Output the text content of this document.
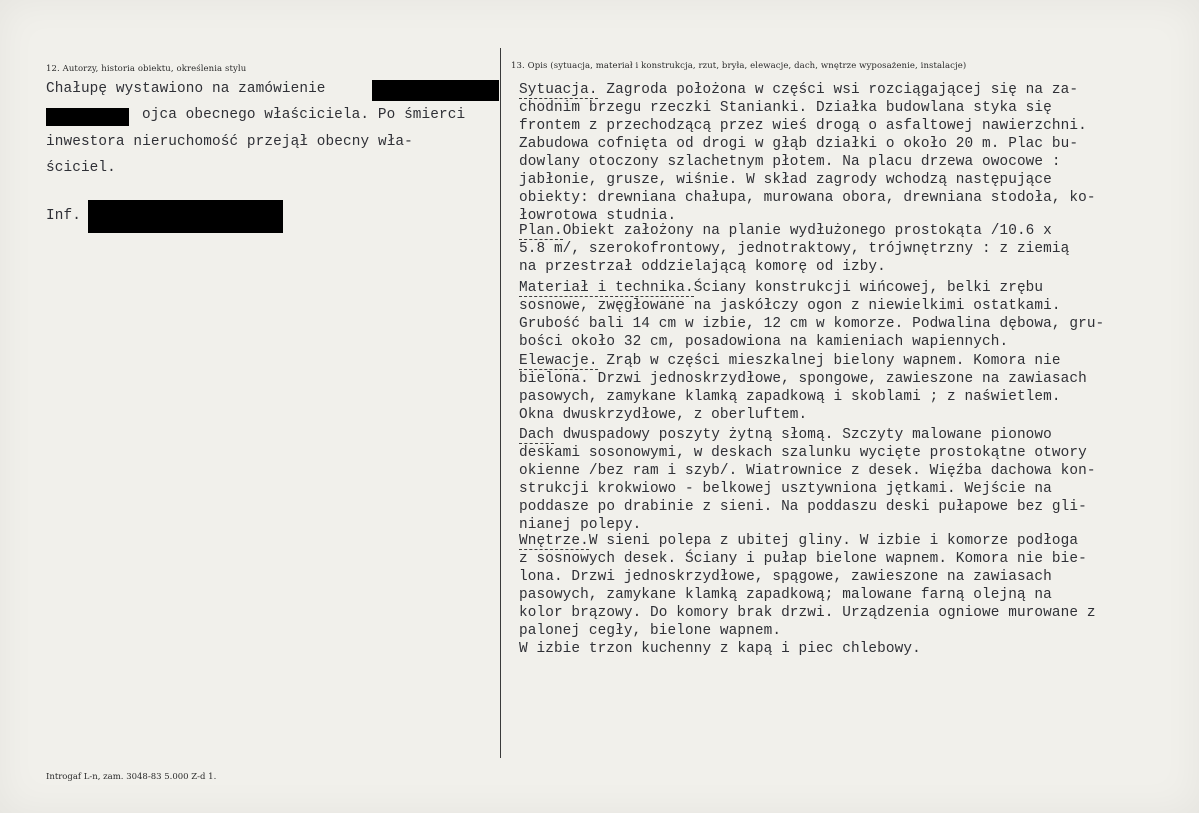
12. Autorzy, historia obiektu, określenia stylu	13. Opis (sytuacja, materiał i konstrukcja, rzut, bryła, elewacje, dach, wnętrze wyposażenie, instalacje)
Chałupę wystawiono na zamówienie
ojca obecnego właściciela. Po śmierci
inwestora nieruchomość przejął obecny wła-
ściciel.
Inf.
Sytuacja. Zagroda położona w części wsi rozciągającej się na za-
chodnim brzegu rzeczki Stanianki. Działka budowlana styka się
frontem z przechodzącą przez wieś drogą o asfaltowej nawierzchni.
Zabudowa cofnięta od drogi w głąb działki o około 20 m. Plac bu-
dowlany otoczony szlachetnym płotem. Na placu drzewa owocowe :
jabłonie, grusze, wiśnie. W skład zagrody wchodzą następujące
obiekty: drewniana chałupa, murowana obora, drewniana stodoła, ko-
łowrotowa studnia.
Plan.Obiekt założony na planie wydłużonego prostokąta /10.6 x
5.8 m/, szerokofrontowy, jednotraktowy, trójwnętrzny : z ziemią
na przestrzał oddzielającą komorę od izby.
Materiał i technika.Ściany konstrukcji wińcowej, belki zrębu
sosnowe, zwęgłowane na jaskółczy ogon z niewielkimi ostatkami.
Grubość bali 14 cm w izbie, 12 cm w komorze. Podwalina dębowa, gru-
bości około 32 cm, posadowiona na kamieniach wapiennych.
Elewacje. Zrąb w części mieszkalnej bielony wapnem. Komora nie
bielona. Drzwi jednoskrzydłowe, spongowe, zawieszone na zawiasach
pasowych, zamykane klamką zapadkową i skoblami ; z naświetlem.
Okna dwuskrzydłowe, z oberluftem.
Dach dwuspadowy poszyty żytną słomą. Szczyty malowane pionowo
deskami sosonowymi, w deskach szalunku wycięte prostokątne otwory
okienne /bez ram i szyb/. Wiatrownice z desek. Więźba dachowa kon-
strukcji krokwiowo - belkowej usztywniona jętkami. Wejście na
poddasze po drabinie z sieni. Na poddaszu deski pułapowe bez gli-
nianej polepy.
Wnętrze.W sieni polepa z ubitej gliny. W izbie i komorze podłoga
z sosnowych desek. Ściany i pułap bielone wapnem. Komora nie bie-
lona. Drzwi jednoskrzydłowe, spągowe, zawieszone na zawiasach
pasowych, zamykane klamką zapadkową; malowane farną olejną na
kolor brązowy. Do komory brak drzwi. Urządzenia ogniowe murowane z
palonej cegły, bielone wapnem.
W izbie trzon kuchenny z kapą i piec chlebowy.
Introgaf L-n, zam. 3048-83 5.000 Z-d 1.
